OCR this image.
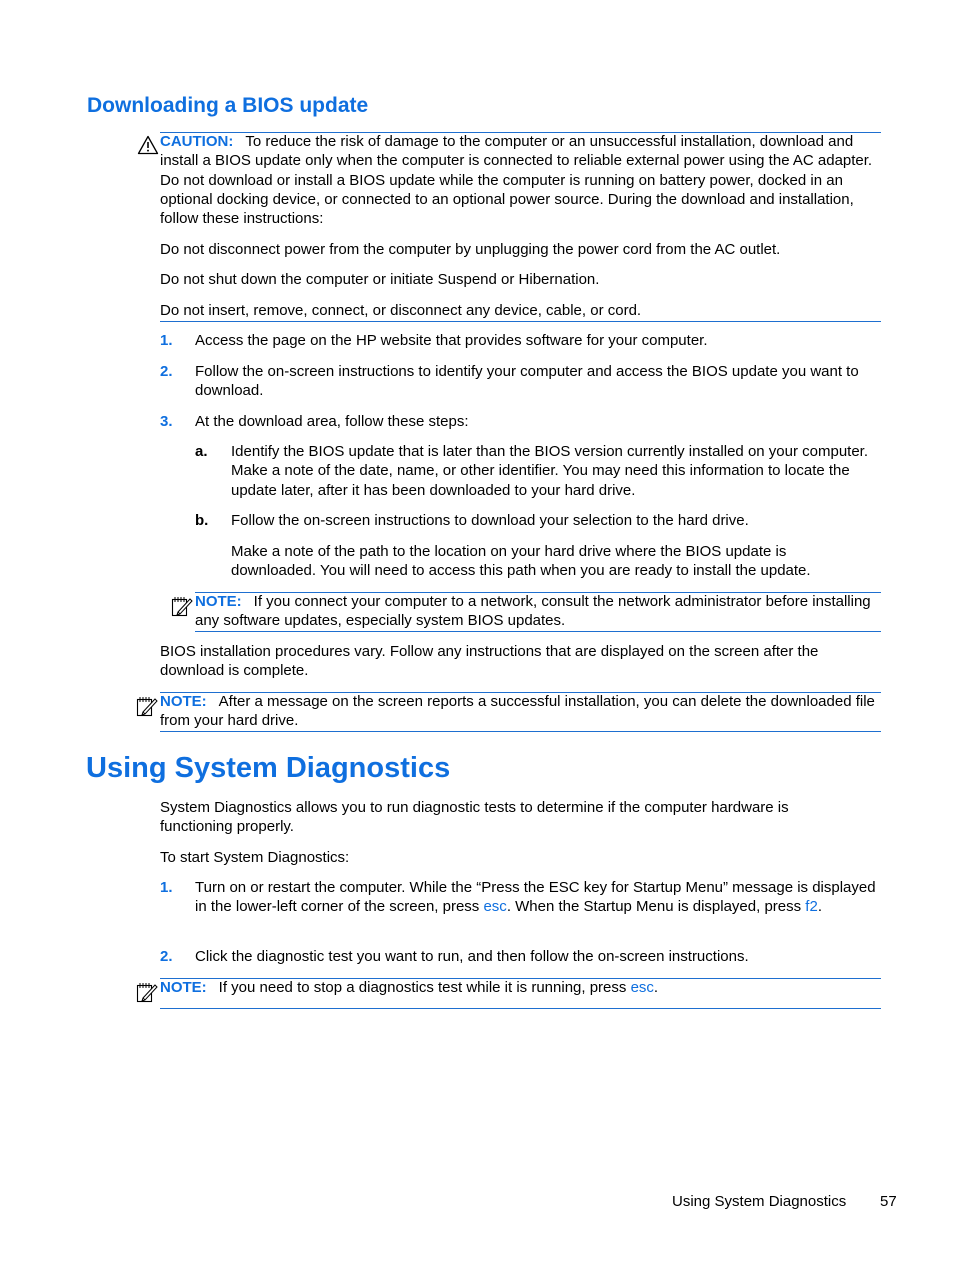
Downloading a BIOS update
CAUTION: To reduce the risk of damage to the computer or an unsuccessful installation, download and install a BIOS update only when the computer is connected to reliable external power using the AC adapter. Do not download or install a BIOS update while the computer is running on battery power, docked in an optional docking device, or connected to an optional power source. During the download and installation, follow these instructions:
Do not disconnect power from the computer by unplugging the power cord from the AC outlet.
Do not shut down the computer or initiate Suspend or Hibernation.
Do not insert, remove, connect, or disconnect any device, cable, or cord.
1. Access the page on the HP website that provides software for your computer.
2. Follow the on-screen instructions to identify your computer and access the BIOS update you want to download.
3. At the download area, follow these steps:
a. Identify the BIOS update that is later than the BIOS version currently installed on your computer. Make a note of the date, name, or other identifier. You may need this information to locate the update later, after it has been downloaded to your hard drive.
b. Follow the on-screen instructions to download your selection to the hard drive.
Make a note of the path to the location on your hard drive where the BIOS update is downloaded. You will need to access this path when you are ready to install the update.
NOTE: If you connect your computer to a network, consult the network administrator before installing any software updates, especially system BIOS updates.
BIOS installation procedures vary. Follow any instructions that are displayed on the screen after the download is complete.
NOTE: After a message on the screen reports a successful installation, you can delete the downloaded file from your hard drive.
Using System Diagnostics
System Diagnostics allows you to run diagnostic tests to determine if the computer hardware is functioning properly.
To start System Diagnostics:
1. Turn on or restart the computer. While the “Press the ESC key for Startup Menu” message is displayed in the lower-left corner of the screen, press esc. When the Startup Menu is displayed, press f2.
2. Click the diagnostic test you want to run, and then follow the on-screen instructions.
NOTE: If you need to stop a diagnostics test while it is running, press esc.
Using System Diagnostics 57
